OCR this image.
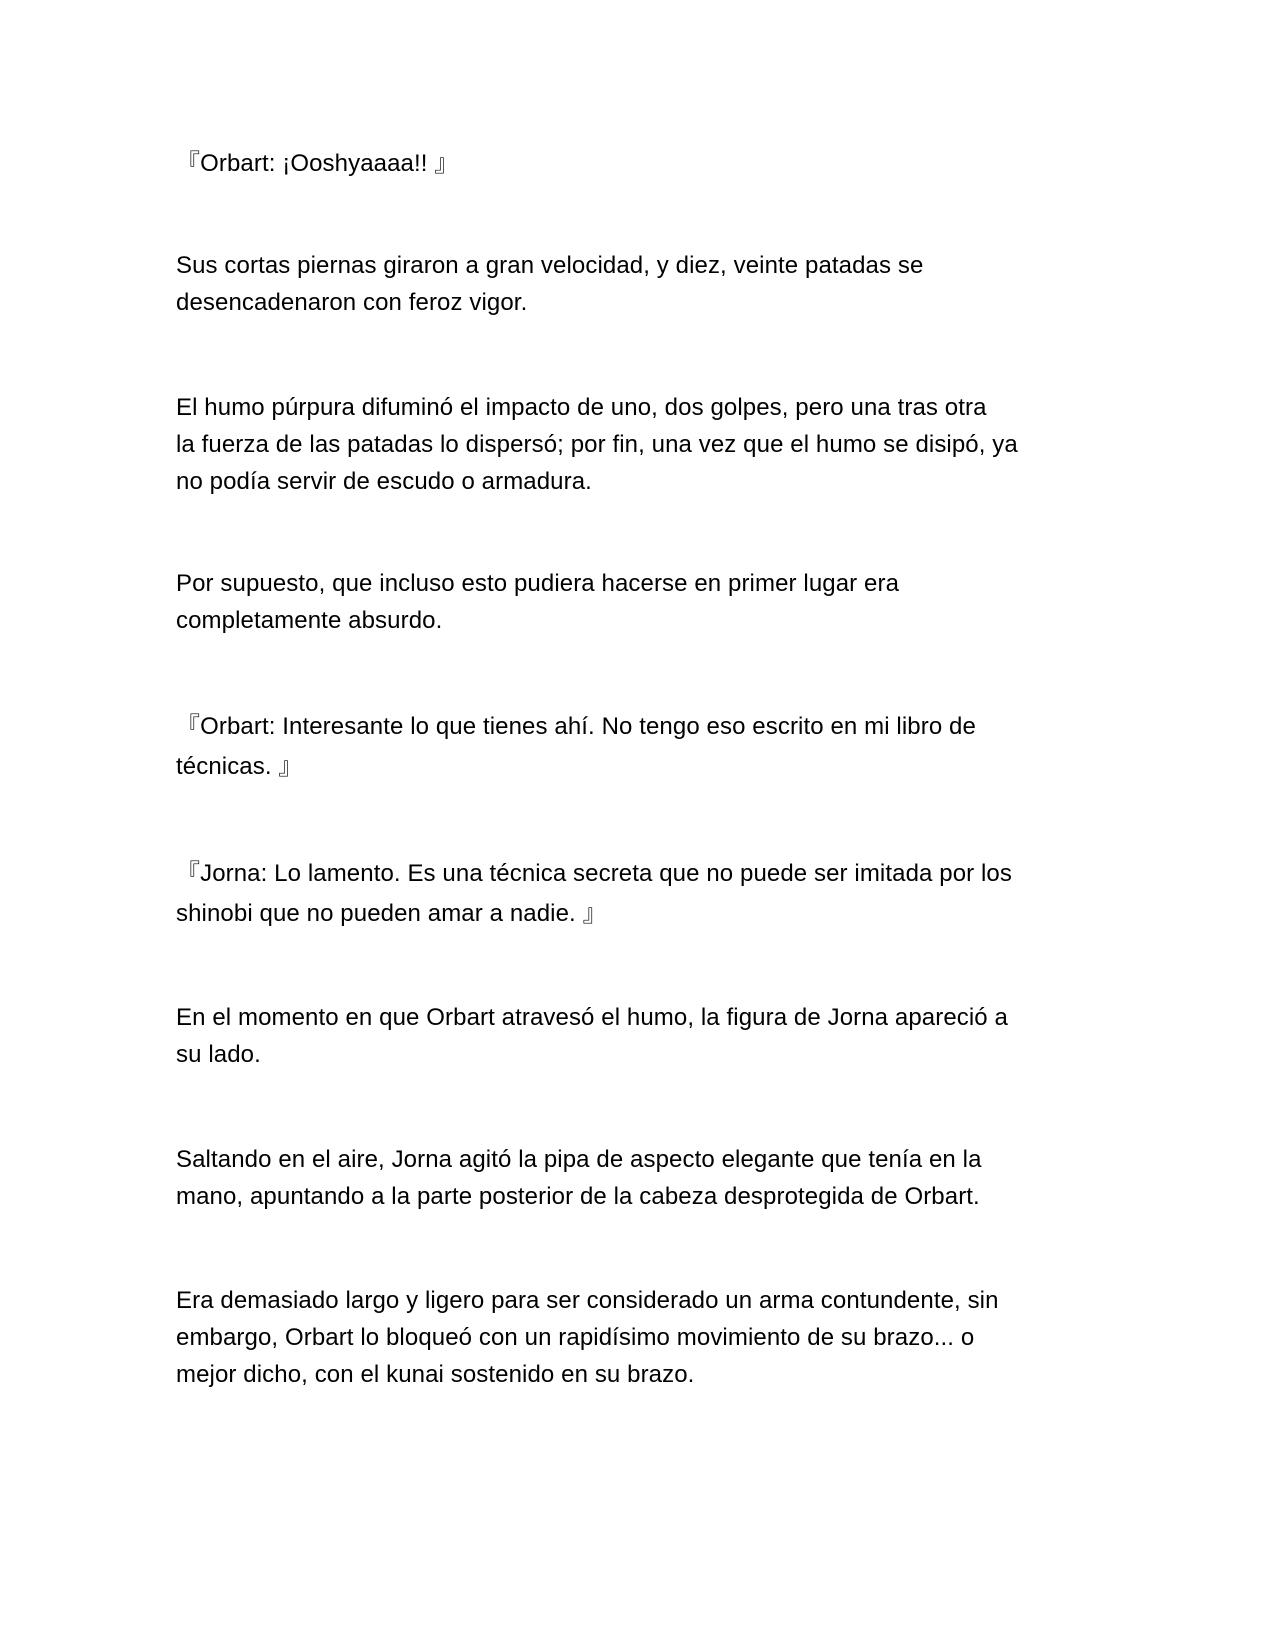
『Orbart: ¡Ooshyaaaa!! 』

Sus cortas piernas giraron a gran velocidad, y diez, veinte patadas se
desencadenaron con feroz vigor.

El humo púrpura difuminó el impacto de uno, dos golpes, pero una tras otra
la fuerza de las patadas lo dispersó; por fin, una vez que el humo se disipó, ya
no podía servir de escudo o armadura.

Por supuesto, que incluso esto pudiera hacerse en primer lugar era
completamente absurdo.

『Orbart: Interesante lo que tienes ahí. No tengo eso escrito en mi libro de
técnicas. 』

『Jorna: Lo lamento. Es una técnica secreta que no puede ser imitada por los
shinobi que no pueden amar a nadie. 』

En el momento en que Orbart atravesó el humo, la figura de Jorna apareció a
su lado.

Saltando en el aire, Jorna agitó la pipa de aspecto elegante que tenía en la
mano, apuntando a la parte posterior de la cabeza desprotegida de Orbart.

Era demasiado largo y ligero para ser considerado un arma contundente, sin
embargo, Orbart lo bloqueó con un rapidísimo movimiento de su brazo... o
mejor dicho, con el kunai sostenido en su brazo.
